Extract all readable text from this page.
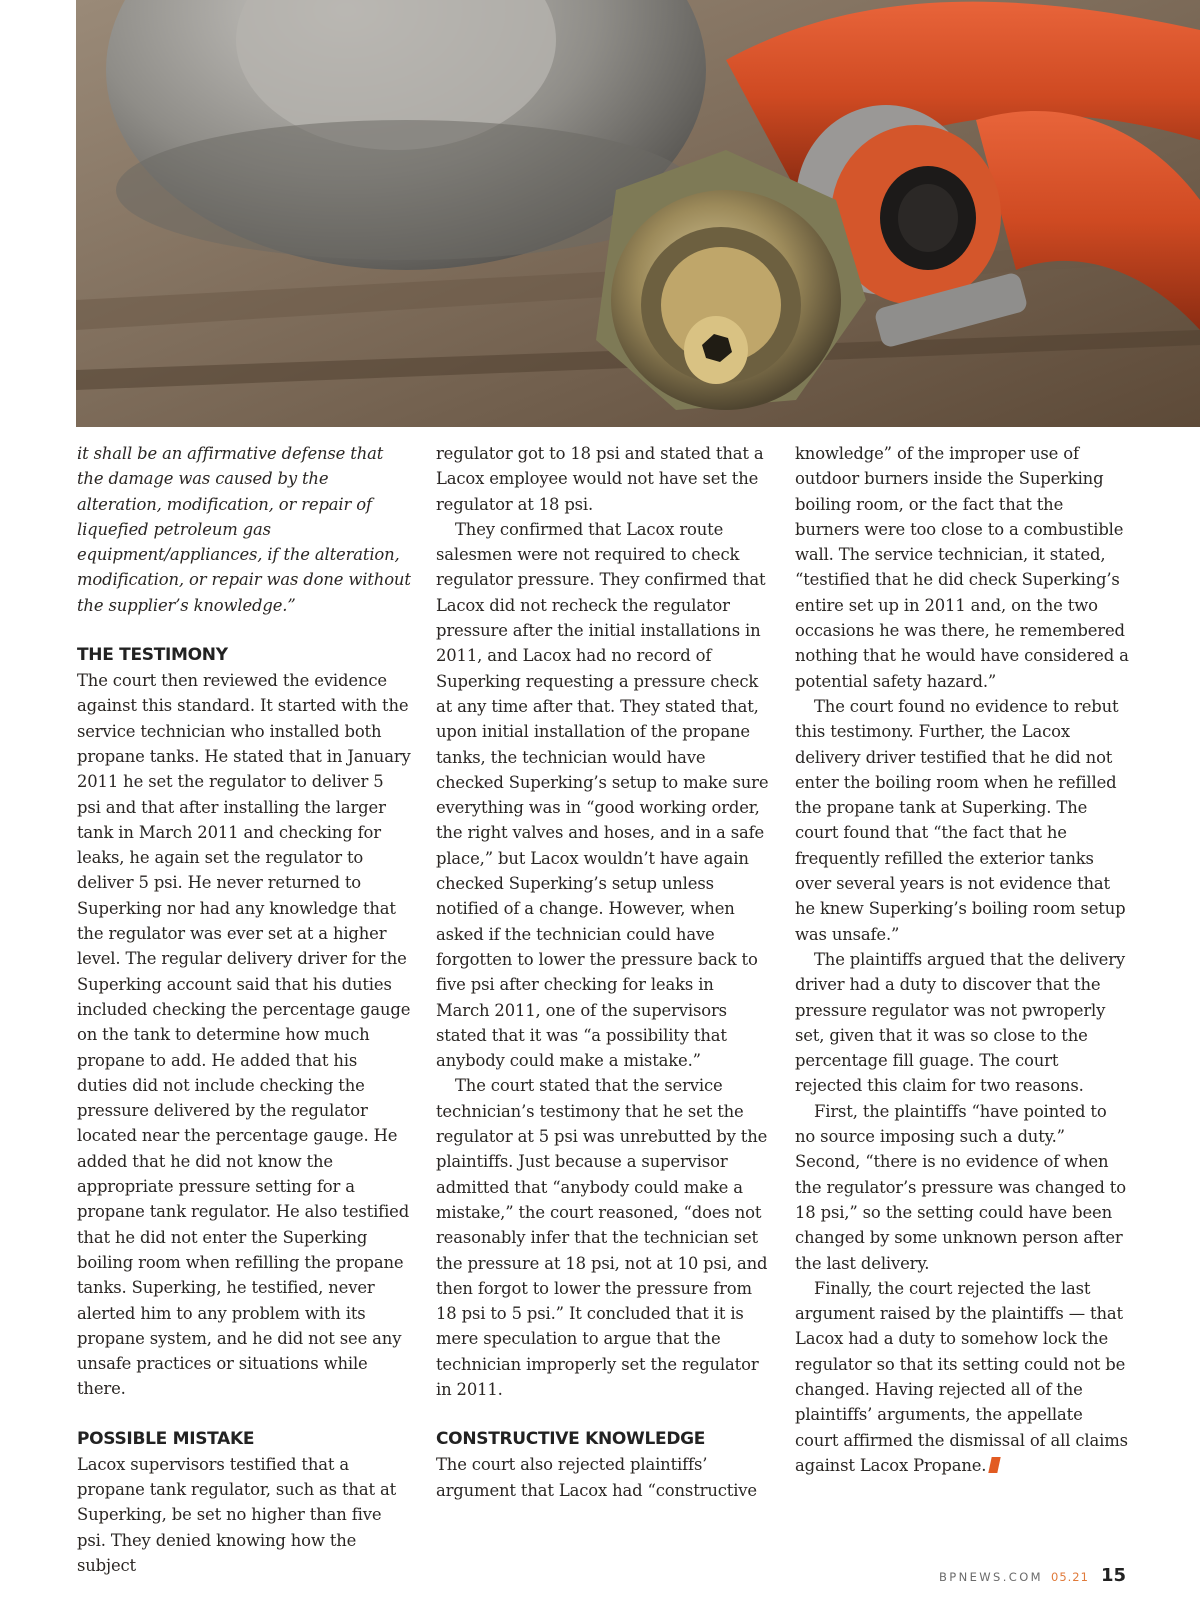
it shall be an affirmative defense that the damage was caused by the alteration, modification, or repair of liquefied petroleum gas equipment/appliances, if the alteration, modification, or repair was done without the supplier’s knowledge.”

THE TESTIMONY

The court then reviewed the evidence against this standard. It started with the service technician who installed both propane tanks. He stated that in January 2011 he set the regulator to deliver 5 psi and that after installing the larger tank in March 2011 and checking for leaks, he again set the regulator to deliver 5 psi. He never returned to Superking nor had any knowledge that the regulator was ever set at a higher level. The regular delivery driver for the Superking account said that his duties included checking the percentage gauge on the tank to determine how much propane to add. He added that his duties did not include checking the pressure delivered by the regulator located near the percentage gauge. He added that he did not know the appropriate pressure setting for a propane tank regulator. He also testified that he did not enter the Superking boiling room when refilling the propane tanks. Superking, he testified, never alerted him to any problem with its propane system, and he did not see any unsafe practices or situations while there.

POSSIBLE MISTAKE

Lacox supervisors testified that a propane tank regulator, such as that at Superking, be set no higher than five psi. They denied knowing how the subject

regulator got to 18 psi and stated that a Lacox employee would not have set the regulator at 18 psi.

They confirmed that Lacox route salesmen were not required to check regulator pressure. They confirmed that Lacox did not recheck the regulator pressure after the initial installations in 2011, and Lacox had no record of Superking requesting a pressure check at any time after that. They stated that, upon initial installation of the propane tanks, the technician would have checked Superking’s setup to make sure everything was in “good working order, the right valves and hoses, and in a safe place,” but Lacox wouldn’t have again checked Superking’s setup unless notified of a change. However, when asked if the technician could have forgotten to lower the pressure back to five psi after checking for leaks in March 2011, one of the supervisors stated that it was “a possibility that anybody could make a mistake.”

The court stated that the service technician’s testimony that he set the regulator at 5 psi was unrebutted by the plaintiffs. Just because a supervisor admitted that “anybody could make a mistake,” the court reasoned, “does not reasonably infer that the technician set the pressure at 18 psi, not at 10 psi, and then forgot to lower the pressure from 18 psi to 5 psi.” It concluded that it is mere speculation to argue that the technician improperly set the regulator in 2011.

CONSTRUCTIVE KNOWLEDGE

The court also rejected plaintiffs’ argument that Lacox had “constructive

knowledge” of the improper use of outdoor burners inside the Superking boiling room, or the fact that the burners were too close to a combustible wall. The service technician, it stated, “testified that he did check Superking’s entire set up in 2011 and, on the two occasions he was there, he remembered nothing that he would have considered a potential safety hazard.”

The court found no evidence to rebut this testimony. Further, the Lacox delivery driver testified that he did not enter the boiling room when he refilled the propane tank at Superking. The court found that “the fact that he frequently refilled the exterior tanks over several years is not evidence that he knew Superking’s boiling room setup was unsafe.”

The plaintiffs argued that the delivery driver had a duty to discover that the pressure regulator was not pwroperly set, given that it was so close to the percentage fill guage. The court rejected this claim for two reasons.

First, the plaintiffs “have pointed to no source imposing such a duty.” Second, “there is no evidence of when the regulator’s pressure was changed to 18 psi,” so the setting could have been changed by some unknown person after the last delivery.

Finally, the court rejected the last argument raised by the plaintiffs — that Lacox had a duty to somehow lock the regulator so that its setting could not be changed. Having rejected all of the plaintiffs’ arguments, the appellate court affirmed the dismissal of all claims against Lacox Propane.

BPNEWS.COM 05.21 15
